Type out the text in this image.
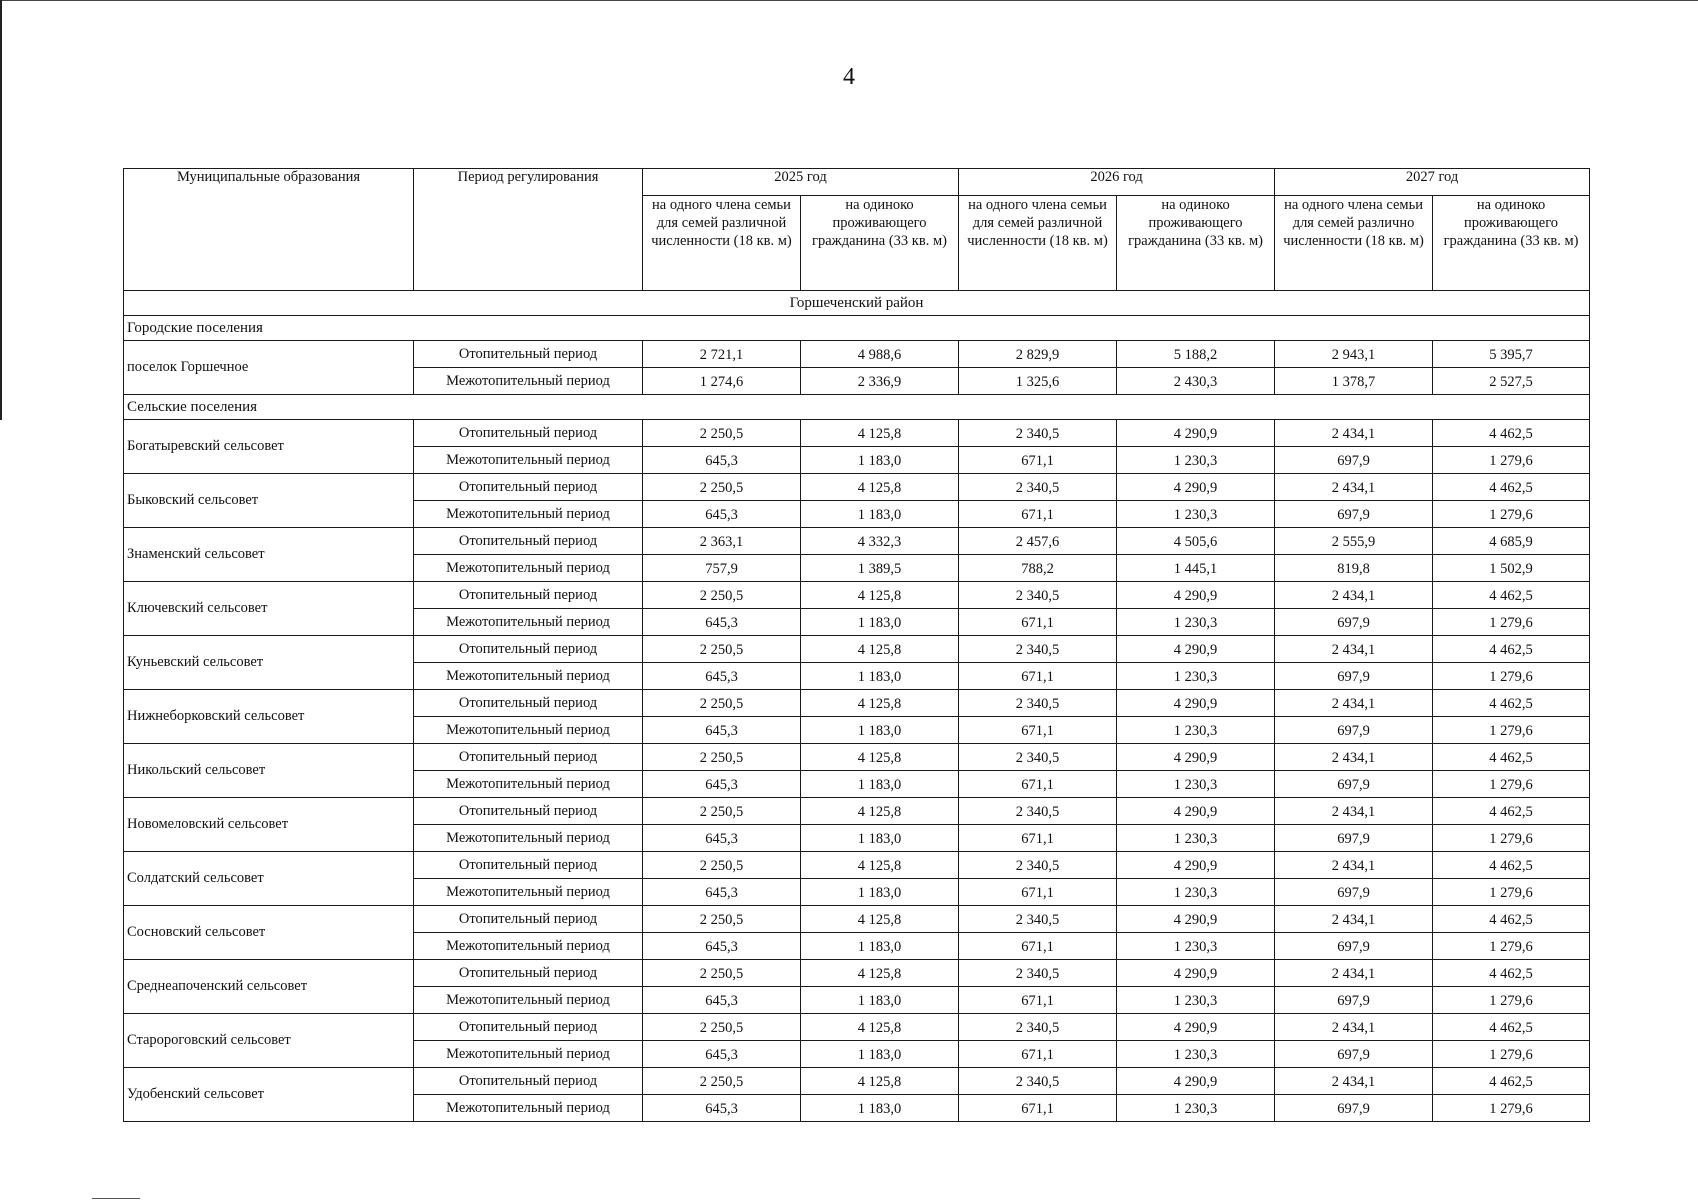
4
Муниципальные образования	Период регулирования	2025 год		2026 год		2027 год	
		на одного члена семьи для семей различной численности (18 кв. м)	на одиноко проживающего гражданина (33 кв. м)	на одного члена семьи для семей различной численности (18 кв. м)	на одиноко проживающего гражданина (33 кв. м)	на одного члена семьи для семей различно численности (18 кв. м)	на одиноко проживающего гражданина (33 кв. м)
Горшеченский район							
Городские поселения							
поселок Горшечное	Отопительный период	2 721,1	4 988,6	2 829,9	5 188,2	2 943,1	5 395,7
	Межотопительный период	1 274,6	2 336,9	1 325,6	2 430,3	1 378,7	2 527,5
Сельские поселения							
Богатыревский сельсовет	Отопительный период	2 250,5	4 125,8	2 340,5	4 290,9	2 434,1	4 462,5
	Межотопительный период	645,3	1 183,0	671,1	1 230,3	697,9	1 279,6
Быковский сельсовет	Отопительный период	2 250,5	4 125,8	2 340,5	4 290,9	2 434,1	4 462,5
	Межотопительный период	645,3	1 183,0	671,1	1 230,3	697,9	1 279,6
Знаменский сельсовет	Отопительный период	2 363,1	4 332,3	2 457,6	4 505,6	2 555,9	4 685,9
	Межотопительный период	757,9	1 389,5	788,2	1 445,1	819,8	1 502,9
Ключевский сельсовет	Отопительный период	2 250,5	4 125,8	2 340,5	4 290,9	2 434,1	4 462,5
	Межотопительный период	645,3	1 183,0	671,1	1 230,3	697,9	1 279,6
Куньевский сельсовет	Отопительный период	2 250,5	4 125,8	2 340,5	4 290,9	2 434,1	4 462,5
	Межотопительный период	645,3	1 183,0	671,1	1 230,3	697,9	1 279,6
Нижнеборковский сельсовет	Отопительный период	2 250,5	4 125,8	2 340,5	4 290,9	2 434,1	4 462,5
	Межотопительный период	645,3	1 183,0	671,1	1 230,3	697,9	1 279,6
Никольский сельсовет	Отопительный период	2 250,5	4 125,8	2 340,5	4 290,9	2 434,1	4 462,5
	Межотопительный период	645,3	1 183,0	671,1	1 230,3	697,9	1 279,6
Новомеловский сельсовет	Отопительный период	2 250,5	4 125,8	2 340,5	4 290,9	2 434,1	4 462,5
	Межотопительный период	645,3	1 183,0	671,1	1 230,3	697,9	1 279,6
Солдатский сельсовет	Отопительный период	2 250,5	4 125,8	2 340,5	4 290,9	2 434,1	4 462,5
	Межотопительный период	645,3	1 183,0	671,1	1 230,3	697,9	1 279,6
Сосновский сельсовет	Отопительный период	2 250,5	4 125,8	2 340,5	4 290,9	2 434,1	4 462,5
	Межотопительный период	645,3	1 183,0	671,1	1 230,3	697,9	1 279,6
Среднеапоченский сельсовет	Отопительный период	2 250,5	4 125,8	2 340,5	4 290,9	2 434,1	4 462,5
	Межотопительный период	645,3	1 183,0	671,1	1 230,3	697,9	1 279,6
Старороговский сельсовет	Отопительный период	2 250,5	4 125,8	2 340,5	4 290,9	2 434,1	4 462,5
	Межотопительный период	645,3	1 183,0	671,1	1 230,3	697,9	1 279,6
Удобенский сельсовет	Отопительный период	2 250,5	4 125,8	2 340,5	4 290,9	2 434,1	4 462,5
	Межотопительный период	645,3	1 183,0	671,1	1 230,3	697,9	1 279,6
